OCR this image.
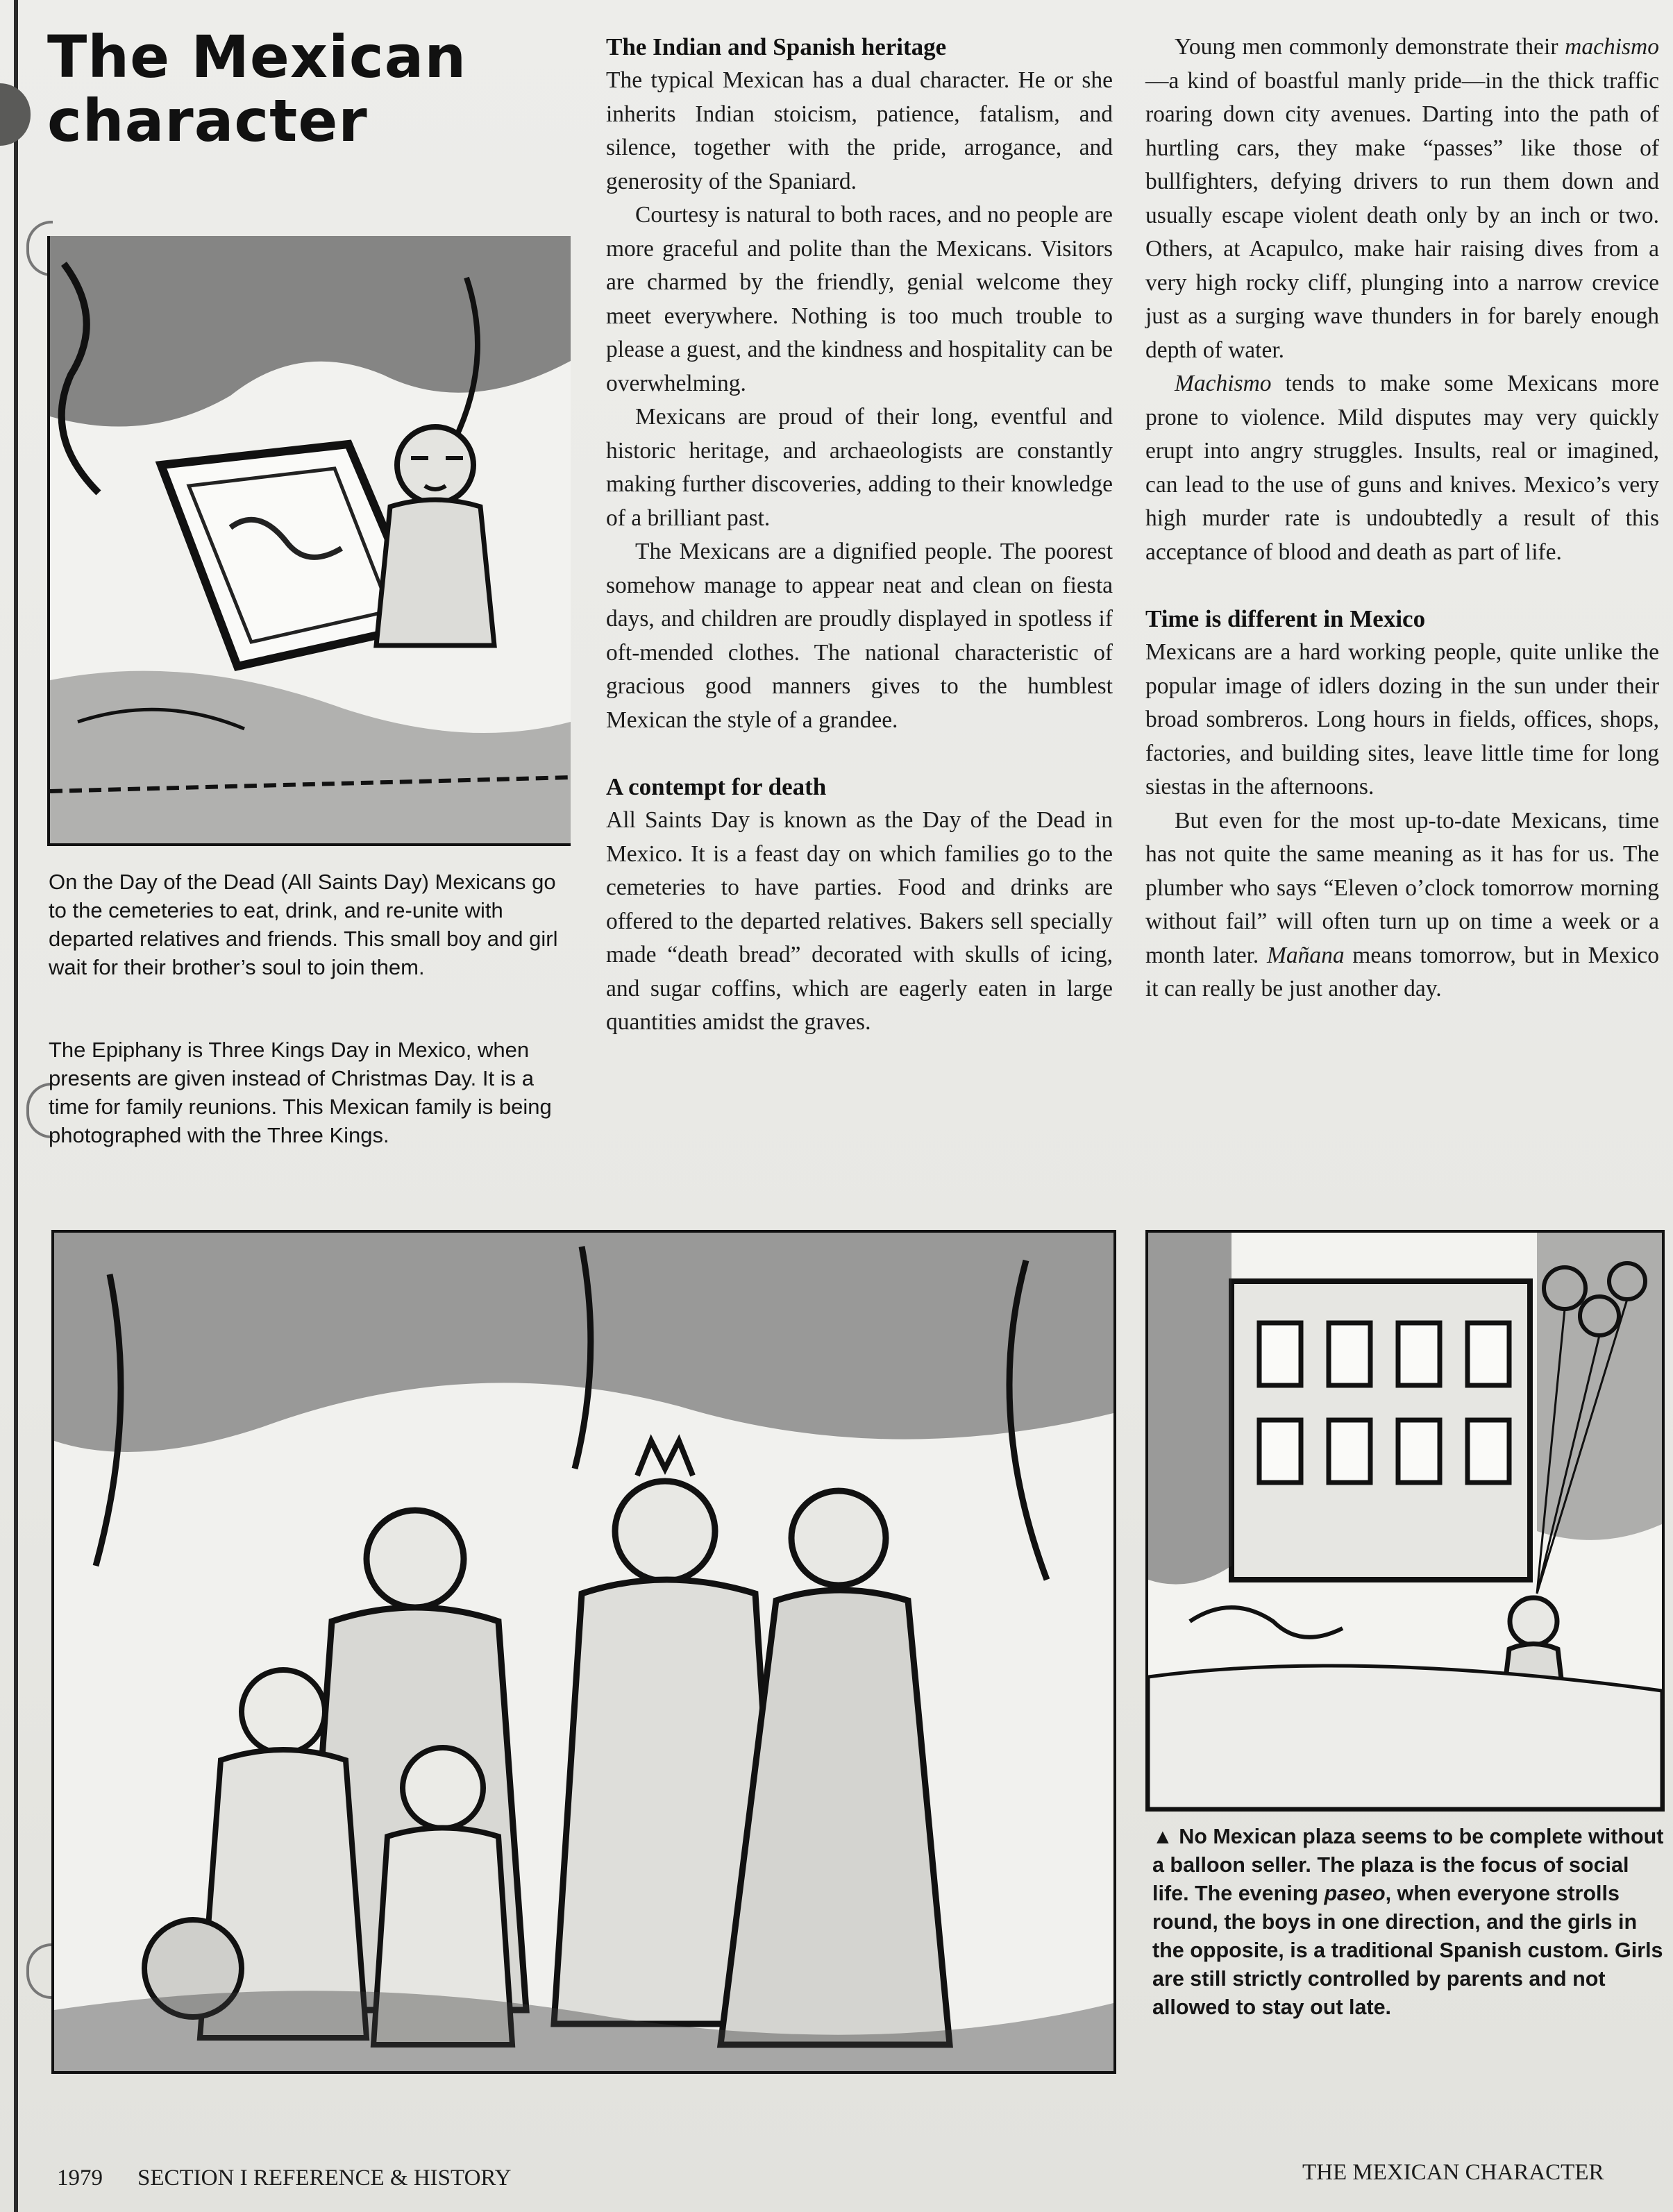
The Mexican
character

On the Day of the Dead (All Saints Day) Mexicans go to the cemeteries to eat, drink, and re-unite with departed relatives and friends. This small boy and girl wait for their brother’s soul to join them.

The Epiphany is Three Kings Day in Mexico, when presents are given instead of Christmas Day. It is a time for family reunions. This Mexican family is being photographed with the Three Kings.

The Indian and Spanish heritage

The typical Mexican has a dual character. He or she inherits Indian stoicism, patience, fatalism, and silence, together with the pride, arrogance, and generosity of the Spaniard.

Courtesy is natural to both races, and no people are more graceful and polite than the Mexicans. Visitors are charmed by the friendly, genial welcome they meet everywhere. Nothing is too much trouble to please a guest, and the kindness and hospitality can be overwhelming.

Mexicans are proud of their long, eventful and historic heritage, and archaeologists are constantly making further discoveries, adding to their knowledge of a brilliant past.

The Mexicans are a dignified people. The poorest somehow manage to appear neat and clean on fiesta days, and children are proudly displayed in spotless if oft-mended clothes. The national characteristic of gracious good manners gives to the humblest Mexican the style of a grandee.

A contempt for death

All Saints Day is known as the Day of the Dead in Mexico. It is a feast day on which families go to the cemeteries to have parties. Food and drinks are offered to the departed relatives. Bakers sell specially made “death bread” decorated with skulls of icing, and sugar coffins, which are eagerly eaten in large quantities amidst the graves.

Young men commonly demonstrate their machismo—a kind of boastful manly pride—in the thick traffic roaring down city avenues. Darting into the path of hurtling cars, they make “passes” like those of bullfighters, defying drivers to run them down and usually escape violent death only by an inch or two. Others, at Acapulco, make hair raising dives from a very high rocky cliff, plunging into a narrow crevice just as a surging wave thunders in for barely enough depth of water.

Machismo tends to make some Mexicans more prone to violence. Mild disputes may very quickly erupt into angry struggles. Insults, real or imagined, can lead to the use of guns and knives. Mexico’s very high murder rate is undoubtedly a result of this acceptance of blood and death as part of life.

Time is different in Mexico

Mexicans are a hard working people, quite unlike the popular image of idlers dozing in the sun under their broad sombreros. Long hours in fields, offices, shops, factories, and building sites, leave little time for long siestas in the afternoons.

But even for the most up-to-date Mexicans, time has not quite the same meaning as it has for us. The plumber who says “Eleven o’clock tomorrow morning without fail” will often turn up on time a week or a month later. Mañana means tomorrow, but in Mexico it can really be just another day.

▲ No Mexican plaza seems to be complete without a balloon seller. The plaza is the focus of social life. The evening paseo, when everyone strolls round, the boys in one direction, and the girls in the opposite, is a traditional Spanish custom. Girls are still strictly controlled by parents and not allowed to stay out late.

1979 SECTION I REFERENCE & HISTORY	THE MEXICAN CHARACTER
